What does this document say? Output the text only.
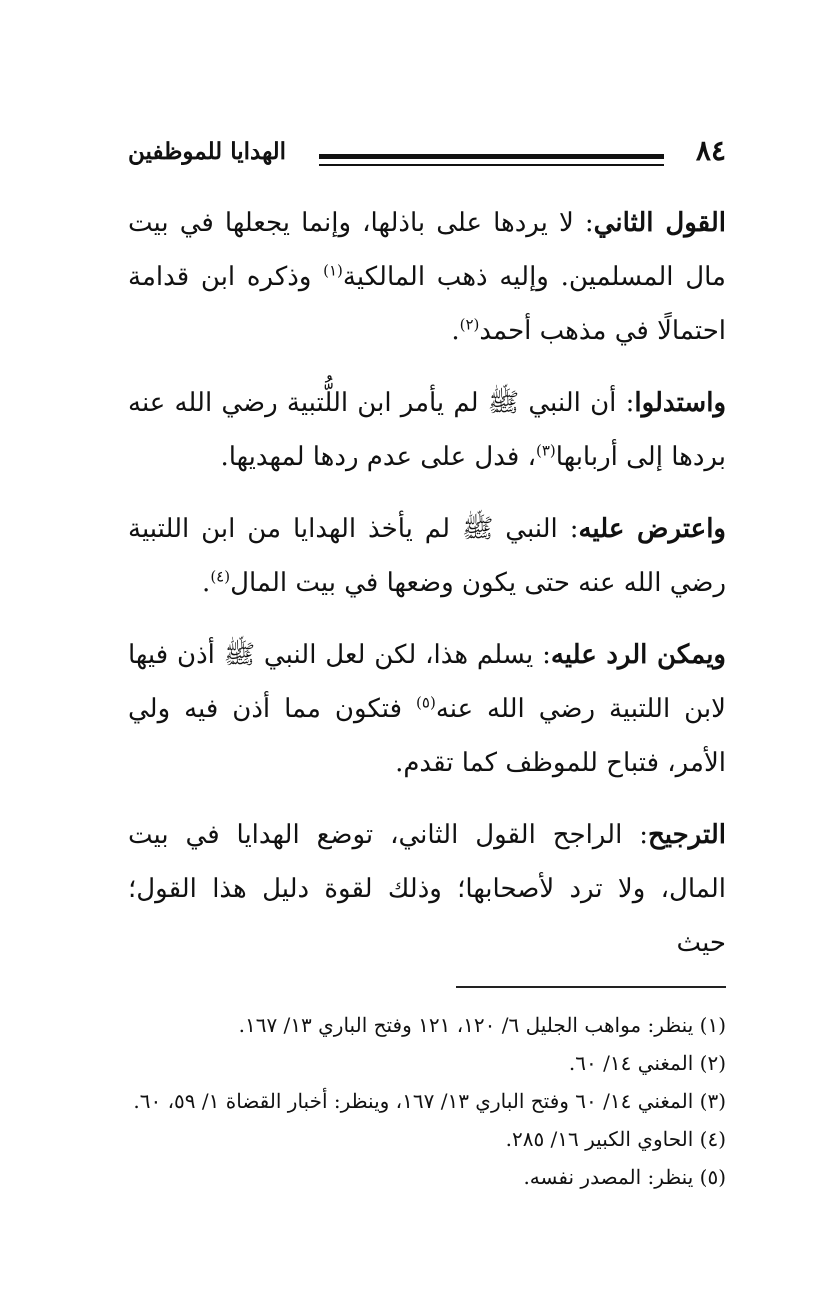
٨٤

الهدايا للموظفين

القول الثاني: لا يردها على باذلها، وإنما يجعلها في بيت مال المسلمين. وإليه ذهب المالكية$^{(١)}$ وذكره ابن قدامة احتمالًا في مذهب أحمد$^{(٢)}$.

واستدلوا: أن النبي ﷺ لم يأمر ابن اللُّتبية رضي الله عنه بردها إلى أربابها$^{(٣)}$، فدل على عدم ردها لمهديها.

واعترض عليه: النبي ﷺ لم يأخذ الهدايا من ابن اللتبية رضي الله عنه حتى يكون وضعها في بيت المال$^{(٤)}$.

ويمكن الرد عليه: يسلم هذا، لكن لعل النبي ﷺ أذن فيها لابن اللتبية رضي الله عنه$^{(٥)}$ فتكون مما أذن فيه ولي الأمر، فتباح للموظف كما تقدم.

الترجيح: الراجح القول الثاني، توضع الهدايا في بيت المال، ولا ترد لأصحابها؛ وذلك لقوة دليل هذا القول؛ حيث

(١) ينظر: مواهب الجليل ٦/ ١٢٠، ١٢١ وفتح الباري ١٣/ ١٦٧.

(٢) المغني ١٤/ ٦٠.

(٣) المغني ١٤/ ٦٠ وفتح الباري ١٣/ ١٦٧، وينظر: أخبار القضاة ١/ ٥٩، ٦٠.

(٤) الحاوي الكبير ١٦/ ٢٨٥.

(٥) ينظر: المصدر نفسه.
